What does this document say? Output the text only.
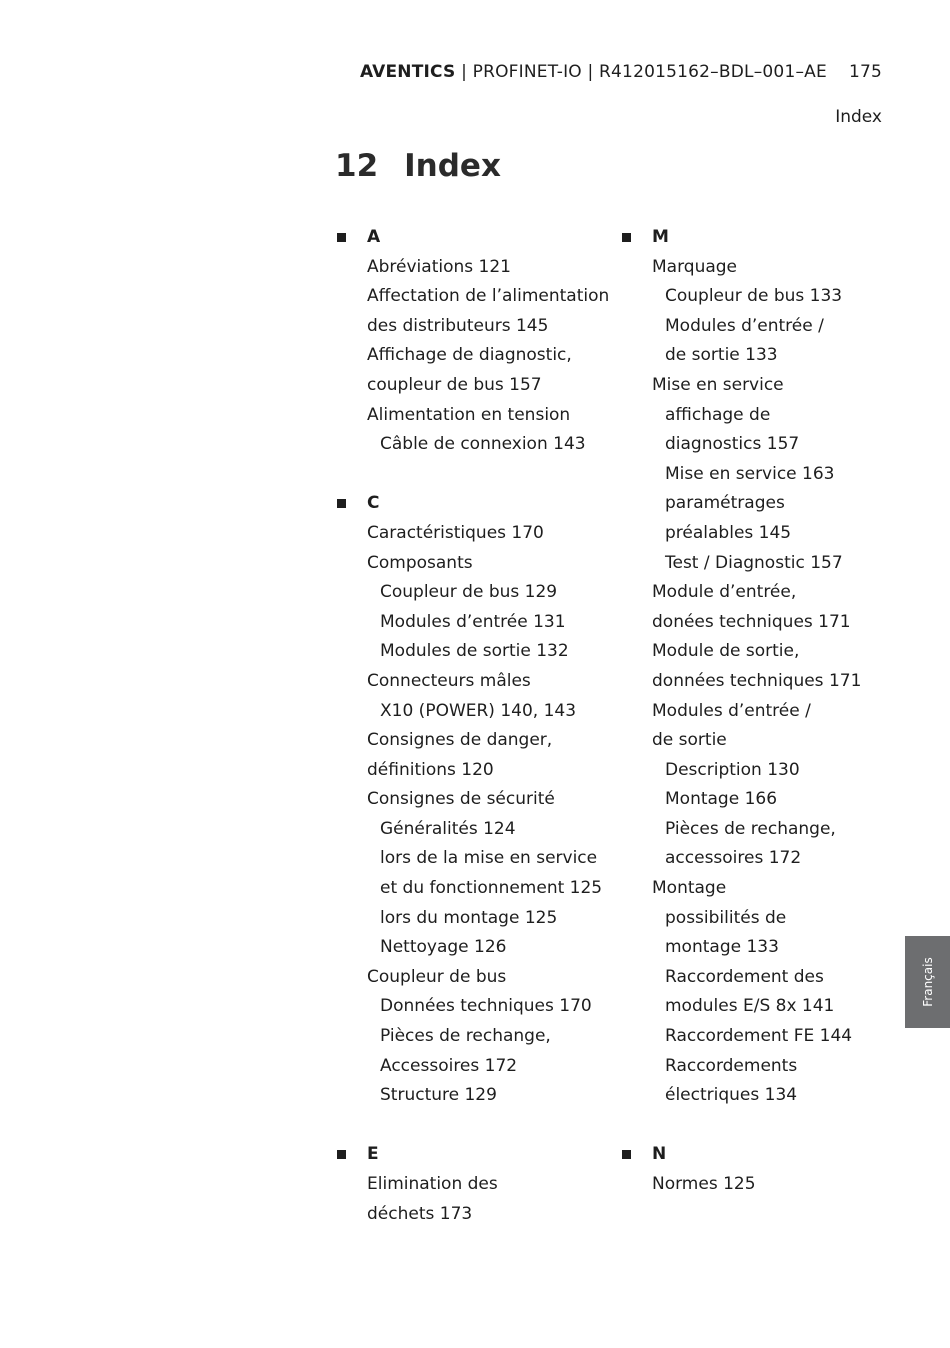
AVENTICS | PROFINET-IO | R412015162–BDL–001–AE 175
Index
12 Index
A
Abréviations 121
Affectation de l’alimentation
des distributeurs 145
Affichage de diagnostic,
coupleur de bus 157
Alimentation en tension
Câble de connexion 143
C
Caractéristiques 170
Composants
Coupleur de bus 129
Modules d’entrée 131
Modules de sortie 132
Connecteurs mâles
X10 (POWER) 140, 143
Consignes de danger,
définitions 120
Consignes de sécurité
Généralités 124
lors de la mise en service
et du fonctionnement 125
lors du montage 125
Nettoyage 126
Coupleur de bus
Données techniques 170
Pièces de rechange,
Accessoires 172
Structure 129
E
Elimination des
déchets 173
M
Marquage
Coupleur de bus 133
Modules d’entrée /
de sortie 133
Mise en service
affichage de
diagnostics 157
Mise en service 163
paramétrages
préalables 145
Test / Diagnostic 157
Module d’entrée,
donées techniques 171
Module de sortie,
données techniques 171
Modules d’entrée /
de sortie
Description 130
Montage 166
Pièces de rechange,
accessoires 172
Montage
possibilités de
montage 133
Raccordement des
modules E/S 8x 141
Raccordement FE 144
Raccordements
électriques 134
N
Normes 125
Français
